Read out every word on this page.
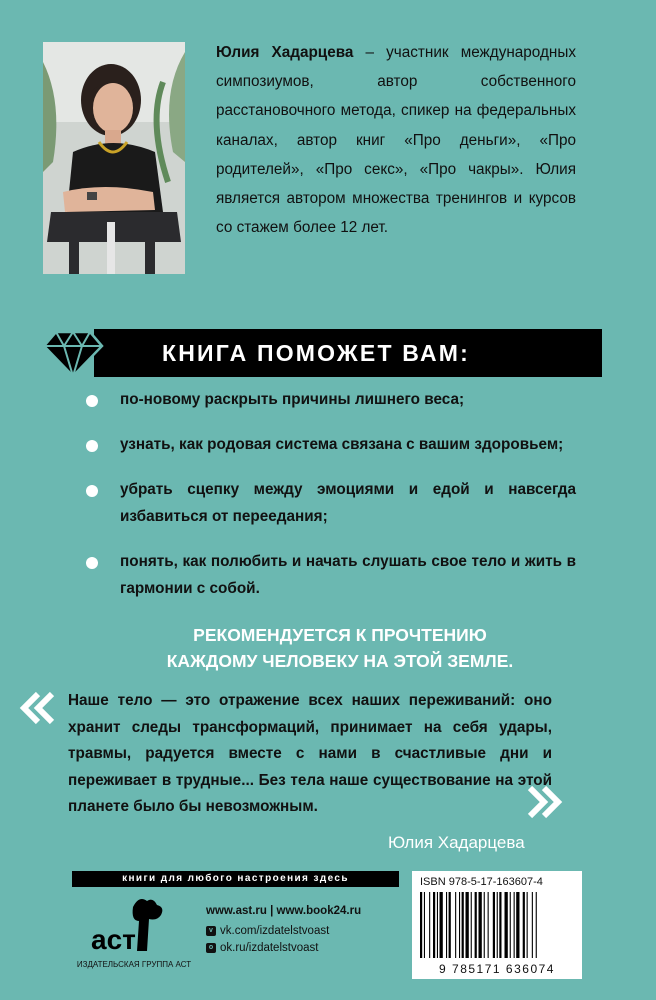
Юлия Хадарцева – участник международных симпозиумов, автор собственного расстановочного метода, спикер на федеральных каналах, автор книг «Про деньги», «Про родителей», «Про секс», «Про чакры». Юлия является автором множества тренингов и курсов со стажем более 12 лет.
КНИГА ПОМОЖЕТ ВАМ:
по-новому раскрыть причины лишнего веса;
узнать, как родовая система связана с вашим здоровьем;
убрать сцепку между эмоциями и едой и навсегда избавиться от переедания;
понять, как полюбить и начать слушать свое тело и жить в гармонии с собой.
РЕКОМЕНДУЕТСЯ К ПРОЧТЕНИЮ
КАЖДОМУ ЧЕЛОВЕКУ НА ЭТОЙ ЗЕМЛЕ.
Наше тело — это отражение всех наших переживаний: оно хранит следы трансформаций, принимает на себя удары, травмы, радуется вместе с нами в счастливые дни и переживает в трудные... Без тела наше существование на этой планете было бы невозможным.
Юлия Хадарцева
книги для любого настроения здесь
аст
ИЗДАТЕЛЬСКАЯ ГРУППА АСТ
www.ast.ru | www.book24.ru
v vk.com/izdatelstvoast
o ok.ru/izdatelstvoast
ISBN 978-5-17-163607-4
9 785171 636074
